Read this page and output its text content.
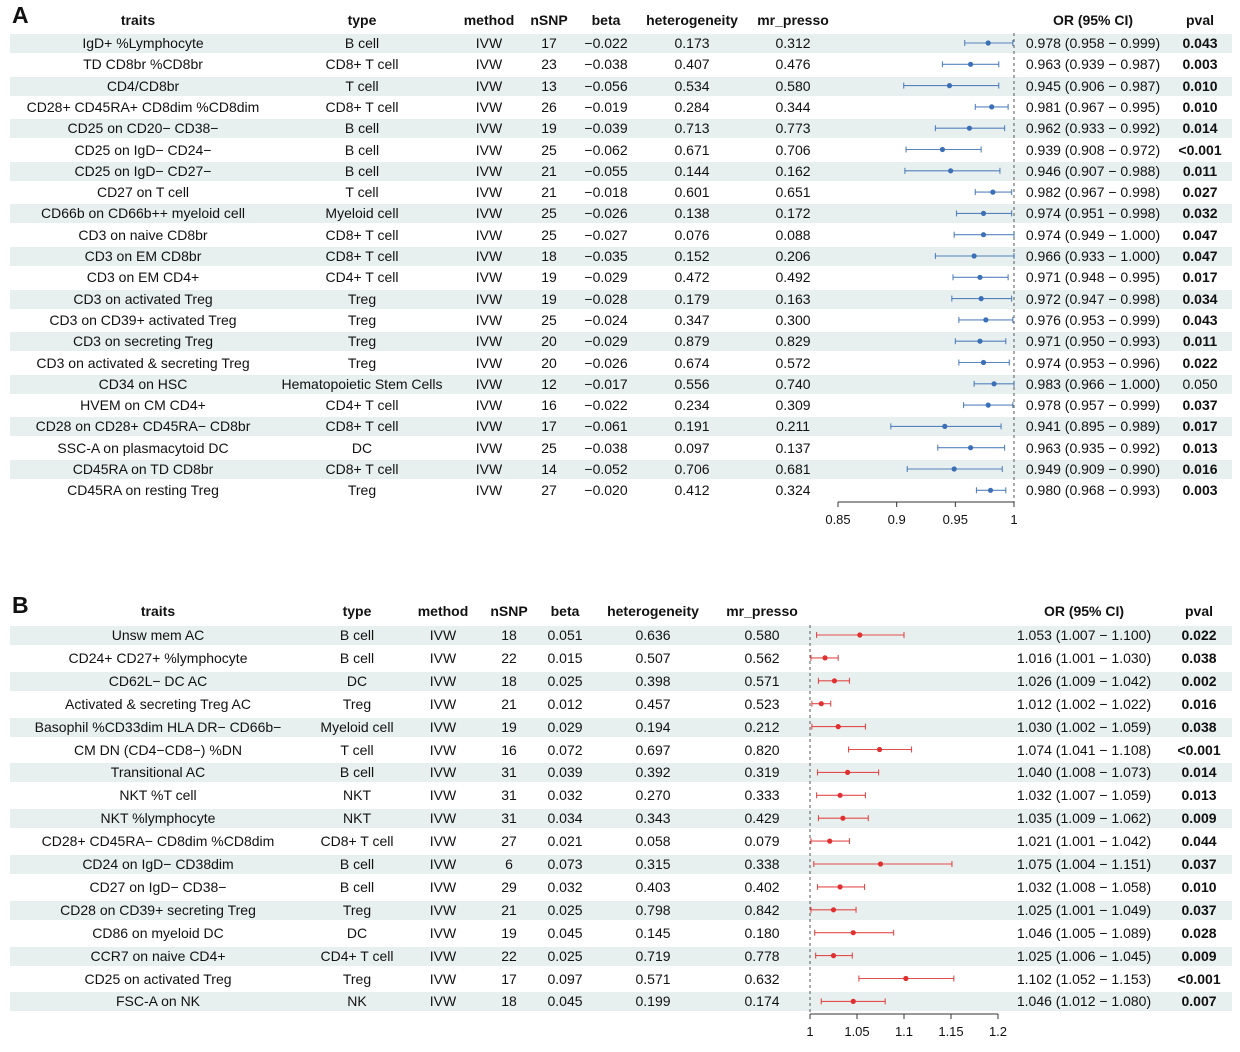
A
B
traits	type	method nSNP beta heterogeneity mr_presso	OR (95% CI)	pval
IgD+ %Lymphocyte	B cell	IVW	17 −0.022	0.173	0.312	0.978 (0.958 − 0.999) 0.043
TD CD8br %CD8br	CD8+ T cell	IVW	23 −0.038	0.407	0.476	0.963 (0.939 − 0.987) 0.003
CD4/CD8br	T cell	IVW	13 −0.056	0.534	0.580	0.945 (0.906 − 0.987) 0.010
CD28+ CD45RA+ CD8dim %CD8dim	CD8+ T cell	IVW	26 −0.019	0.284	0.344	0.981 (0.967 − 0.995) 0.010
CD25 on CD20− CD38−	B cell	IVW	19 −0.039	0.713	0.773	0.962 (0.933 − 0.992) 0.014
CD25 on IgD− CD24−	B cell	IVW	25 −0.062	0.671	0.706	0.939 (0.908 − 0.972) <0.001
CD25 on IgD− CD27−	B cell	IVW	21 −0.055	0.144	0.162	0.946 (0.907 − 0.988) 0.011
CD27 on T cell	T cell	IVW	21 −0.018	0.601	0.651	0.982 (0.967 − 0.998) 0.027
CD66b on CD66b++ myeloid cell	Myeloid cell	IVW	25 −0.026	0.138	0.172	0.974 (0.951 − 0.998) 0.032
CD3 on naive CD8br	CD8+ T cell	IVW	25 −0.027	0.076	0.088	0.974 (0.949 − 1.000) 0.047
CD3 on EM CD8br	CD8+ T cell	IVW	18 −0.035	0.152	0.206	0.966 (0.933 − 1.000) 0.047
CD3 on EM CD4+	CD4+ T cell	IVW	19 −0.029	0.472	0.492	0.971 (0.948 − 0.995) 0.017
CD3 on activated Treg	Treg	IVW	19 −0.028	0.179	0.163	0.972 (0.947 − 0.998) 0.034
CD3 on CD39+ activated Treg	Treg	IVW	25 −0.024	0.347	0.300	0.976 (0.953 − 0.999) 0.043
CD3 on secreting Treg	Treg	IVW	20 −0.029	0.879	0.829	0.971 (0.950 − 0.993) 0.011
CD3 on activated & secreting Treg	Treg	IVW	20 −0.026	0.674	0.572	0.974 (0.953 − 0.996) 0.022
CD34 on HSC	Hematopoietic Stem Cells IVW	12 −0.017	0.556	0.740	0.983 (0.966 − 1.000) 0.050
HVEM on CM CD4+	CD4+ T cell	IVW	16 −0.022	0.234	0.309	0.978 (0.957 − 0.999) 0.037
CD28 on CD28+ CD45RA− CD8br	CD8+ T cell	IVW	17 −0.061	0.191	0.211	0.941 (0.895 − 0.989) 0.017
SSC-A on plasmacytoid DC	DC	IVW	25 −0.038	0.097	0.137	0.963 (0.935 − 0.992) 0.013
CD45RA on TD CD8br	CD8+ T cell	IVW	14 −0.052	0.706	0.681	0.949 (0.909 − 0.990) 0.016
CD45RA on resting Treg	Treg	IVW	27 −0.020	0.412	0.324	0.980 (0.968 − 0.993) 0.003
traits	type	method nSNP beta heterogeneity mr_presso	OR (95% CI)	pval
Unsw mem AC	B cell	IVW	18 0.051	0.636	0.580	1.053 (1.007 − 1.100) 0.022
CD24+ CD27+ %lymphocyte	B cell	IVW	22 0.015	0.507	0.562	1.016 (1.001 − 1.030) 0.038
CD62L− DC AC	DC	IVW	18 0.025	0.398	0.571	1.026 (1.009 − 1.042) 0.002
Activated & secreting Treg AC	Treg	IVW	21 0.012	0.457	0.523	1.012 (1.002 − 1.022) 0.016
Basophil %CD33dim HLA DR− CD66b−	Myeloid cell	IVW	19 0.029	0.194	0.212	1.030 (1.002 − 1.059) 0.038
CM DN (CD4−CD8−) %DN	T cell	IVW	16 0.072	0.697	0.820	1.074 (1.041 − 1.108) <0.001
Transitional AC	B cell	IVW	31 0.039	0.392	0.319	1.040 (1.008 − 1.073) 0.014
NKT %T cell	NKT	IVW	31 0.032	0.270	0.333	1.032 (1.007 − 1.059) 0.013
NKT %lymphocyte	NKT	IVW	31 0.034	0.343	0.429	1.035 (1.009 − 1.062) 0.009
CD28+ CD45RA− CD8dim %CD8dim	CD8+ T cell	IVW	27 0.021	0.058	0.079	1.021 (1.001 − 1.042) 0.044
CD24 on IgD− CD38dim	B cell	IVW	6 0.073	0.315	0.338	1.075 (1.004 − 1.151) 0.037
CD27 on IgD− CD38−	B cell	IVW	29 0.032	0.403	0.402	1.032 (1.008 − 1.058) 0.010
CD28 on CD39+ secreting Treg	Treg	IVW	21 0.025	0.798	0.842	1.025 (1.001 − 1.049) 0.037
CD86 on myeloid DC	DC	IVW	19 0.045	0.145	0.180	1.046 (1.005 − 1.089) 0.028
CCR7 on naive CD4+	CD4+ T cell	IVW	22 0.025	0.719	0.778	1.025 (1.006 − 1.045) 0.009
CD25 on activated Treg	Treg	IVW	17 0.097	0.571	0.632	1.102 (1.052 − 1.153) <0.001
FSC-A on NK	NK	IVW	18 0.045	0.199	0.174	1.046 (1.012 − 1.080) 0.007
0.85	0.9	0.95	1
1 1.05 1.1 1.15 1.2
